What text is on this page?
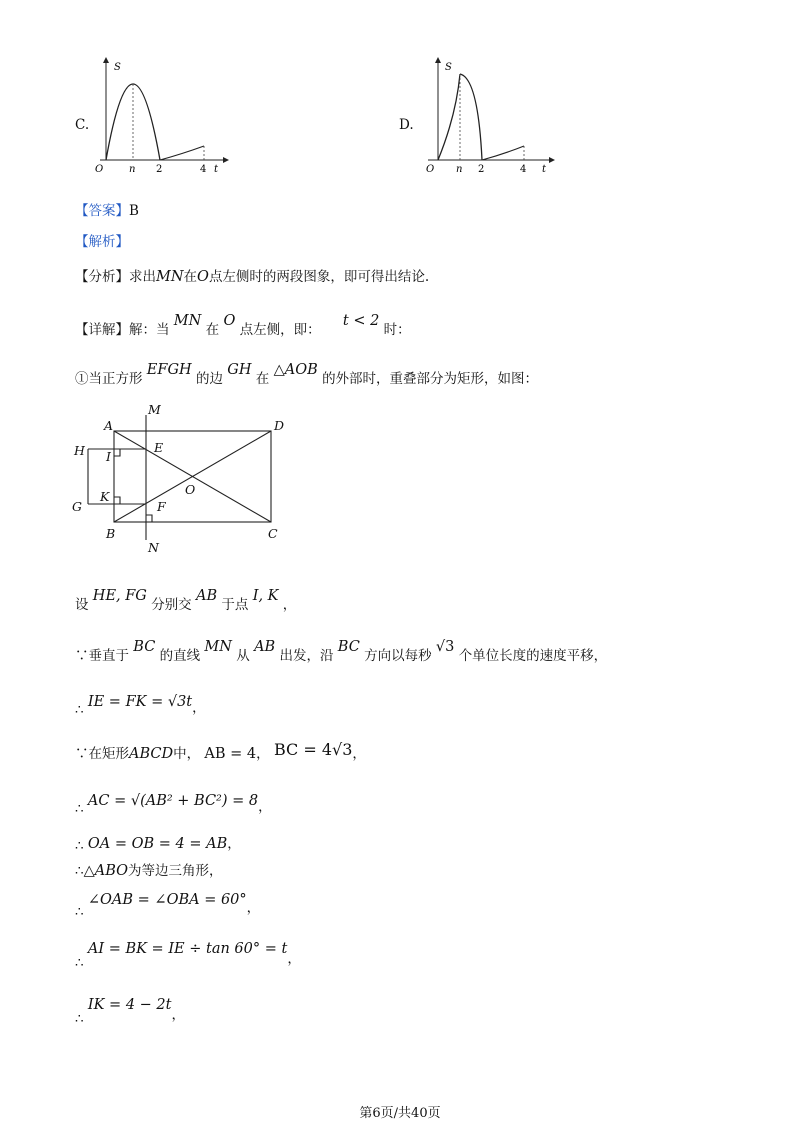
C.
S
t
O	n 2	4
D.
S
t
O n 2	4
【答案】B
【解析】
【分析】求出MN在O点左侧时的两段图象，即可得出结论.
【详解】解：当 MN 在 O 点左侧，即： t < 2 时：
①当正方形 EFGH 的边 GH 在 △AOB 的外部时，重叠部分为矩形，如图：
A
M
D
H I
E
O
K
G	F
B	C
N
设 HE, FG 分别交 AB 于点 I, K ，
∵垂直于 BC 的直线 MN 从 AB 出发，沿 BC 方向以每秒 √3 个单位长度的速度平移，
∴ IE = FK = √3t，
∵在矩形ABCD中， AB = 4， BC = 4√3，
∴ AC = √(AB² + BC²) = 8，
∴ OA = OB = 4 = AB，
∴△ABO为等边三角形，
∴ ∠OAB = ∠OBA = 60°，
∴ AI = BK = IE ÷ tan 60° = t，
∴ IK = 4 − 2t，
第6页/共40页
